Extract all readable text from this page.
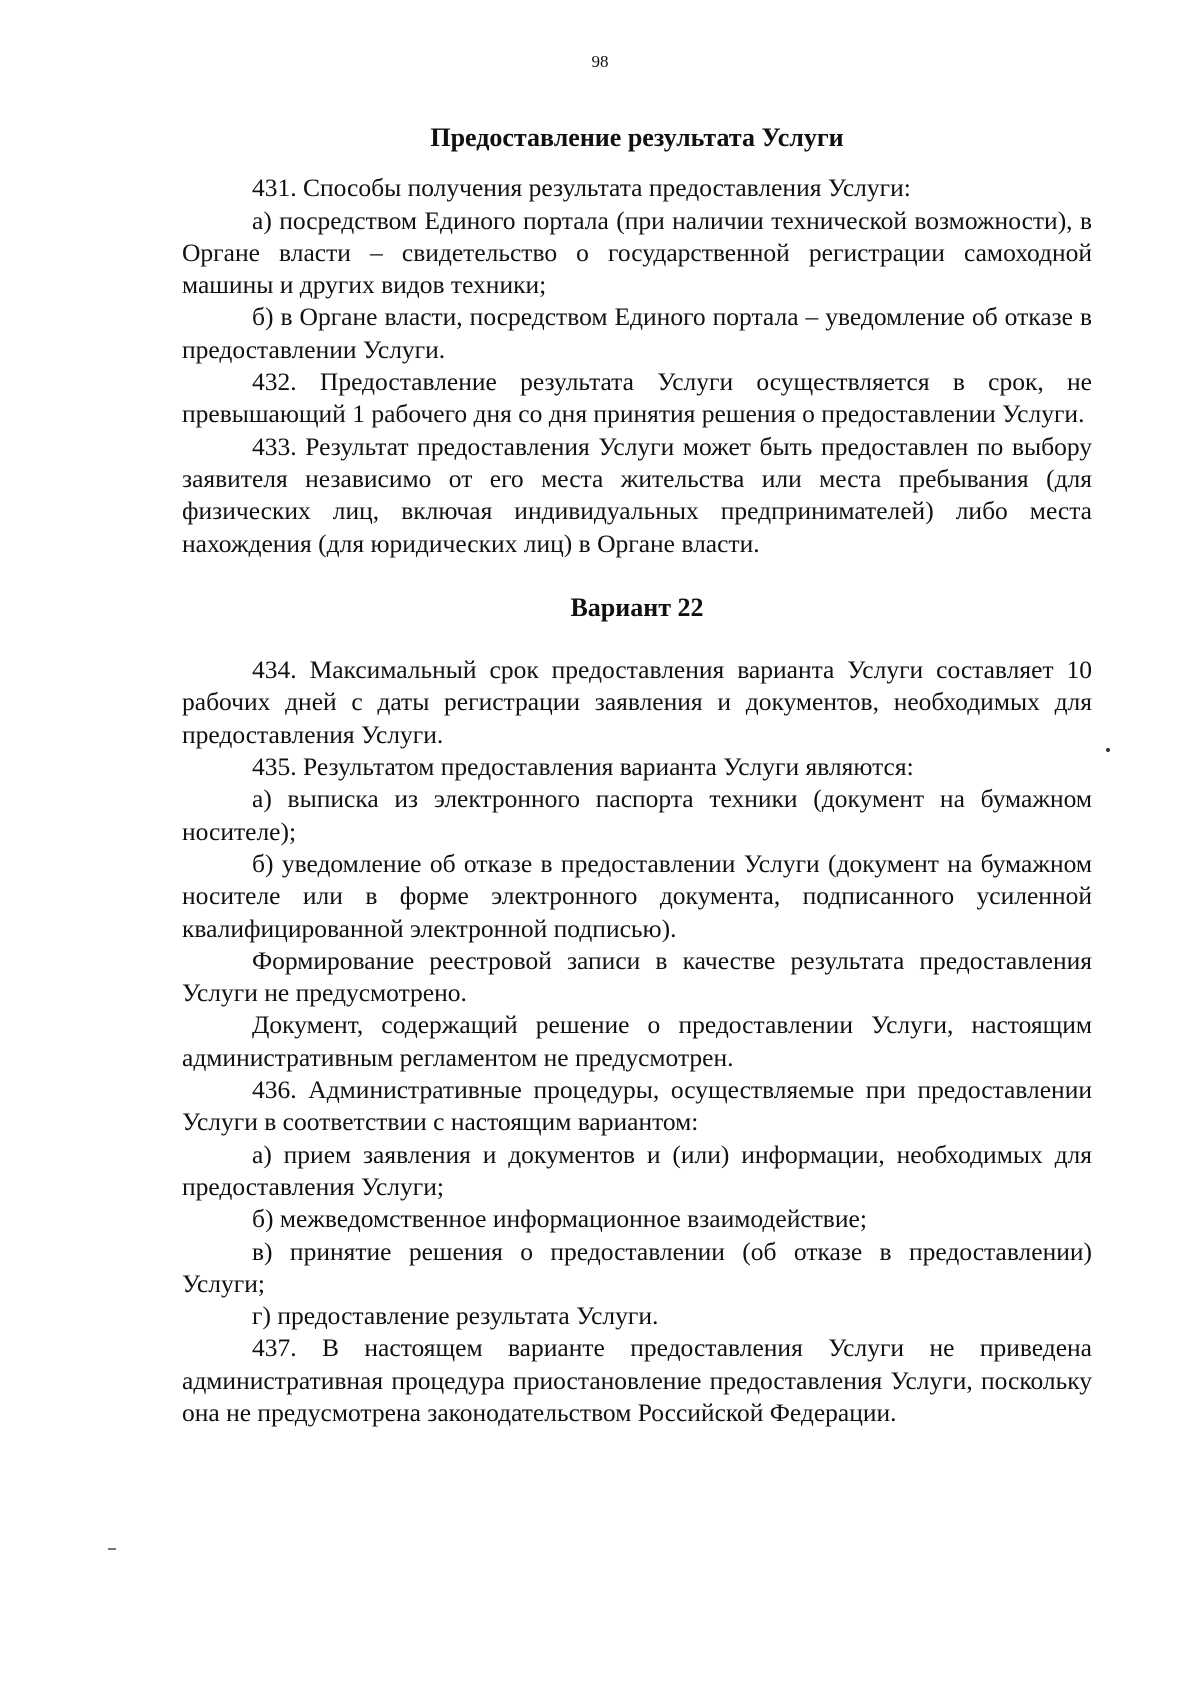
98
Предоставление результата Услуги

431. Способы получения результата предоставления Услуги:

а) посредством Единого портала (при наличии технической возможности), в Органе власти – свидетельство о государственной регистрации самоходной машины и других видов техники;

б) в Органе власти, посредством Единого портала – уведомление об отказе в предоставлении Услуги.

432. Предоставление результата Услуги осуществляется в срок, не превышающий 1 рабочего дня со дня принятия решения о предоставлении Услуги.

433. Результат предоставления Услуги может быть предоставлен по выбору заявителя независимо от его места жительства или места пребывания (для физических лиц, включая индивидуальных предпринимателей) либо места нахождения (для юридических лиц) в Органе власти.

Вариант 22

434. Максимальный срок предоставления варианта Услуги составляет 10 рабочих дней с даты регистрации заявления и документов, необходимых для предоставления Услуги.

435. Результатом предоставления варианта Услуги являются:

а) выписка из электронного паспорта техники (документ на бумажном носителе);

б) уведомление об отказе в предоставлении Услуги (документ на бумажном носителе или в форме электронного документа, подписанного усиленной квалифицированной электронной подписью).

Формирование реестровой записи в качестве результата предоставления Услуги не предусмотрено.

Документ, содержащий решение о предоставлении Услуги, настоящим административным регламентом не предусмотрен.

436. Административные процедуры, осуществляемые при предоставлении Услуги в соответствии с настоящим вариантом:

а) прием заявления и документов и (или) информации, необходимых для предоставления Услуги;

б) межведомственное информационное взаимодействие;

в) принятие решения о предоставлении (об отказе в предоставлении) Услуги;

г) предоставление результата Услуги.

437. В настоящем варианте предоставления Услуги не приведена административная процедура приостановление предоставления Услуги, поскольку она не предусмотрена законодательством Российской Федерации.
